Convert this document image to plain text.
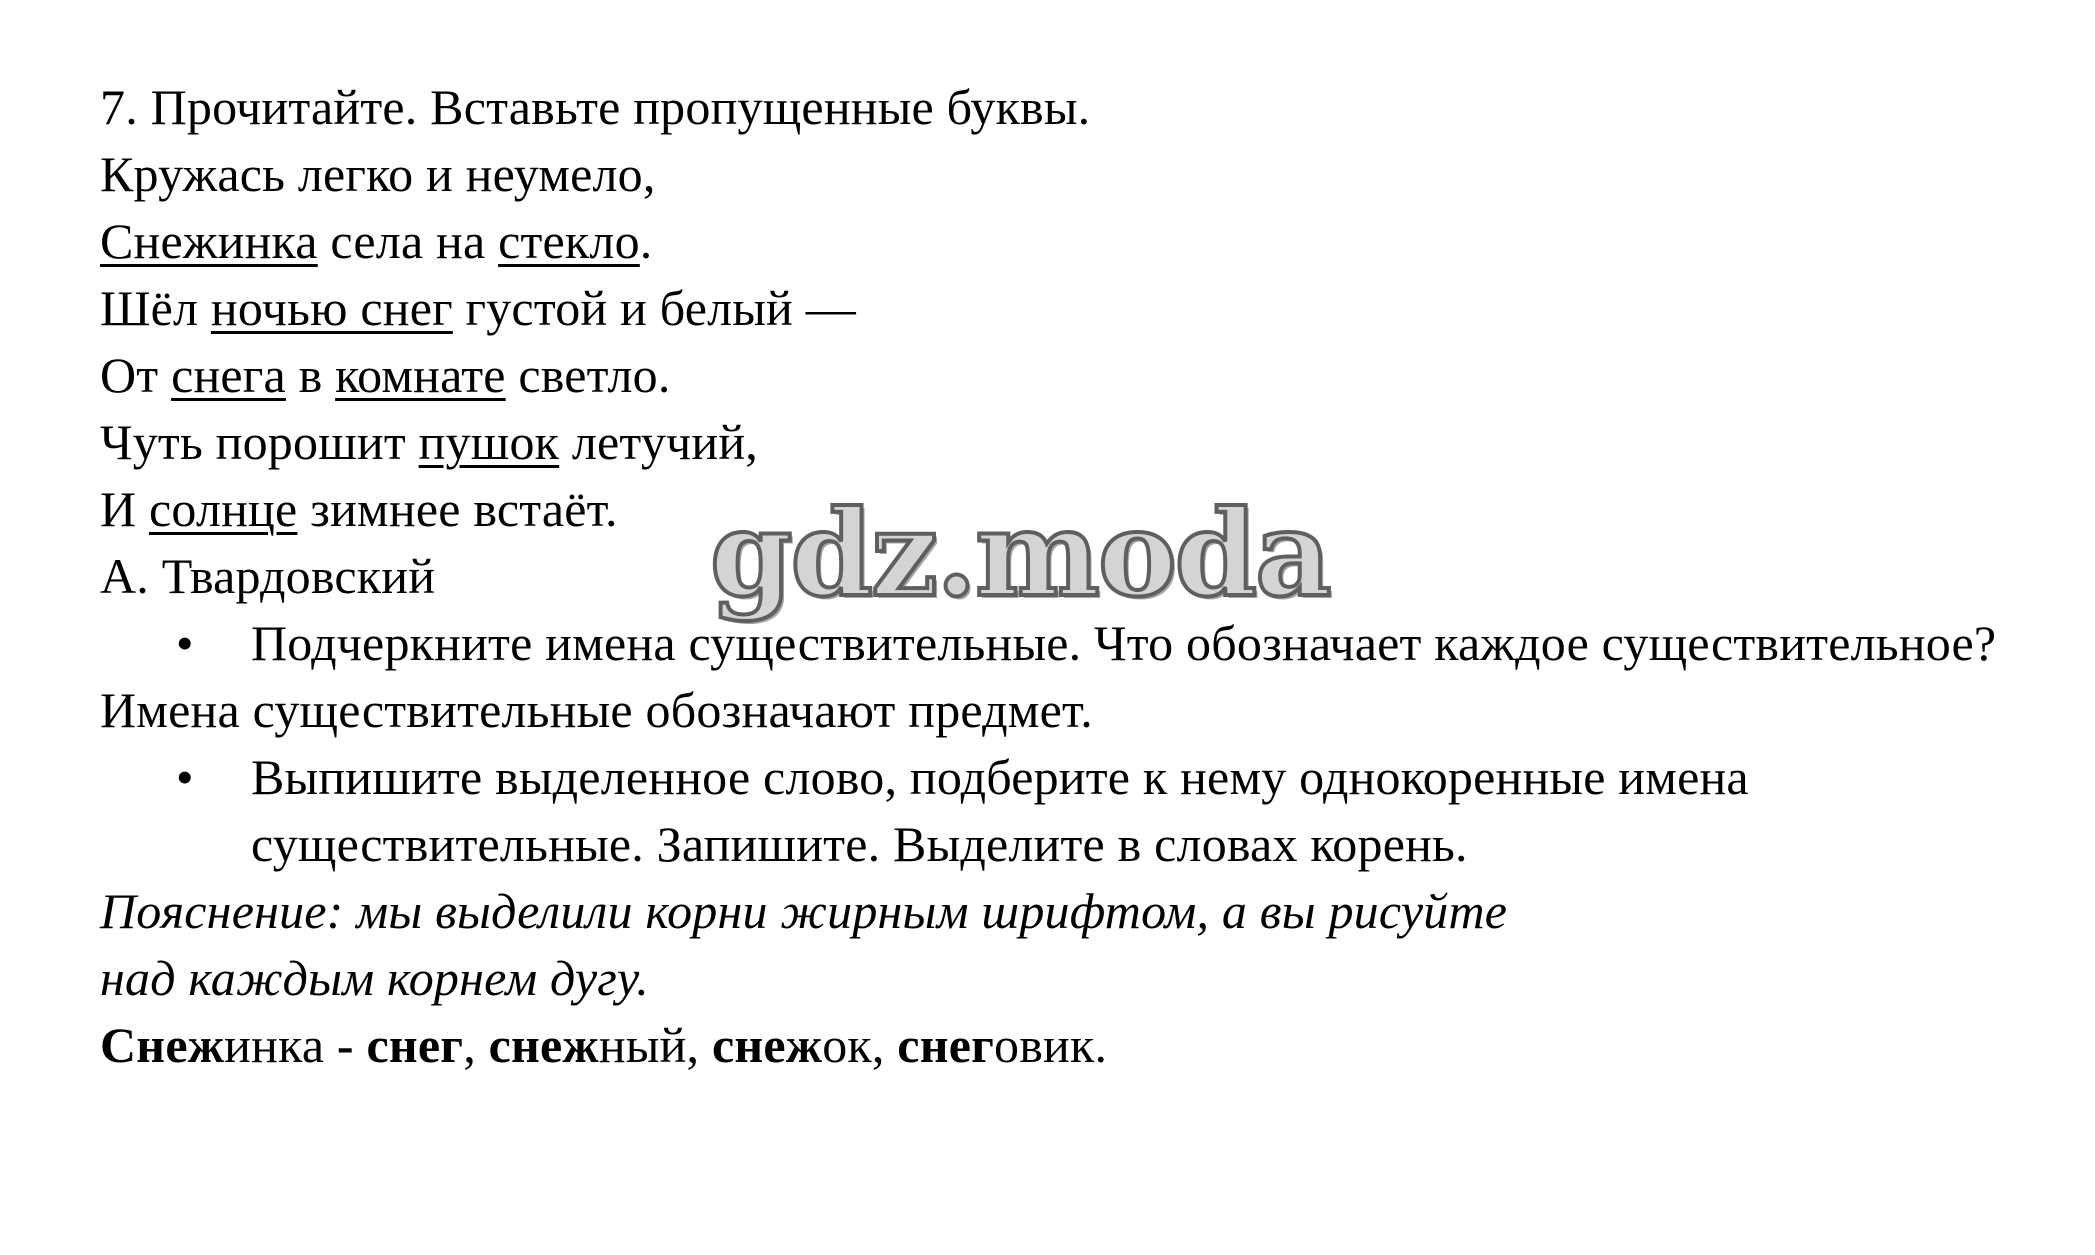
7. Прочитайте. Вставьте пропущенные буквы.
Кружась легко и неумело,
Снежинка села на стекло.
Шёл ночью снег густой и белый —
От снега в комнате светло.
Чуть порошит пушок летучий,
И солнце зимнее встаёт.
А. Твардовский
• Подчеркните имена существительные. Что обозначает каждое существительное?
Имена существительные обозначают предмет.
• Выпишите выделенное слово, подберите к нему однокоренные имена существительные. Запишите. Выделите в словах корень.
Пояснение: мы выделили корни жирным шрифтом, а вы рисуйте
над каждым корнем дугу.
Снежинка - снег, снежный, снежок, снеговик.
gdz.moda
